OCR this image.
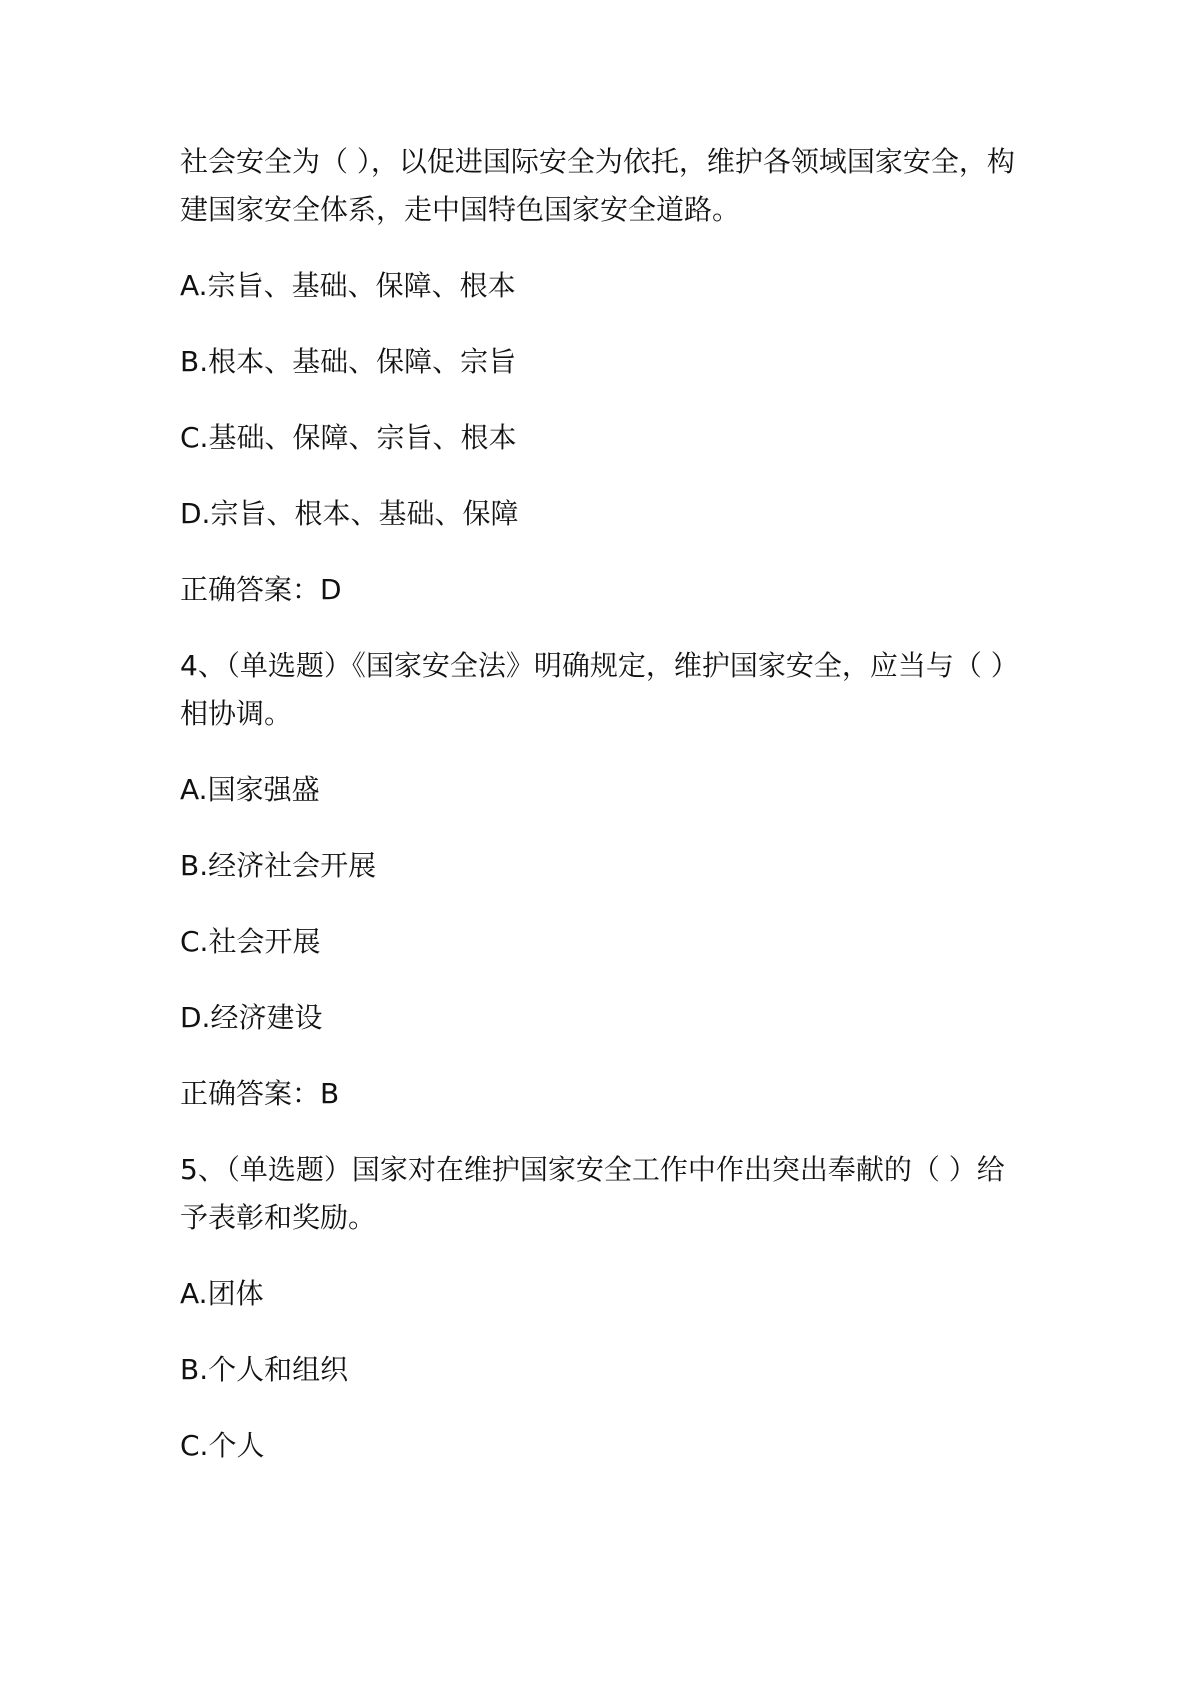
社会安全为（ ），以促进国际安全为依托，维护各领域国家安全，构建国家安全体系，走中国特色国家安全道路。

A.宗旨、基础、保障、根本

B.根本、基础、保障、宗旨

C.基础、保障、宗旨、根本

D.宗旨、根本、基础、保障

正确答案：D

4、（单选题）《国家安全法》明确规定，维护国家安全，应当与（ ）相协调。

A.国家强盛

B.经济社会开展

C.社会开展

D.经济建设

正确答案：B

5、（单选题）国家对在维护国家安全工作中作出突出奉献的（ ）给予表彰和奖励。

A.团体

B.个人和组织

C.个人
